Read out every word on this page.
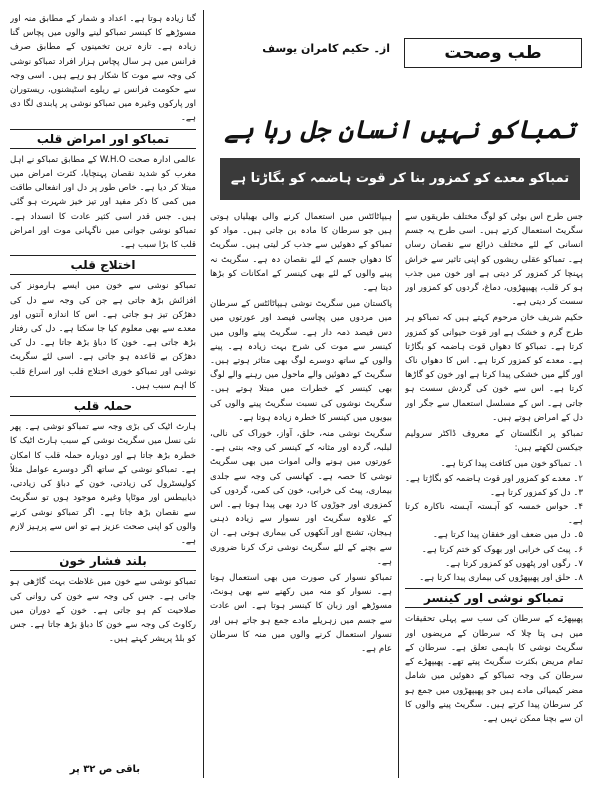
طب وصحت
از۔ حکیم کامران یوسف
تمباکو نہیں انسان جل رہا ہے
تمباکو معدے کو کمزور بنا کر قوت ہاضمہ کو بگاڑتا ہے

گنا زیادہ ہوتا ہے۔ اعداد و شمار کے مطابق منہ اور مسوڑھے کا کینسر تمباکو لینے والوں میں پچاس گنا زیادہ ہے۔ تازہ ترین تخمینوں کے مطابق صرف فرانس میں ہر سال پچاس ہزار افراد تمباکو نوشی کی وجہ سے موت کا شکار ہو رہے ہیں۔ اسی وجہ سے حکومت فرانس نے ریلوے اسٹیشنوں، ریستوران اور پارکوں وغیرہ میں تمباکو نوشی پر پابندی لگا دی ہے۔

تمباکو اور امراض قلب

عالمی ادارہ صحت W.H.O کے مطابق تمباکو نے اہل مغرب کو شدید نقصان پہنچایا، کثرت امراض میں مبتلا کر دیا ہے۔ خاص طور پر دل اور انفعالی طاقت میں کمی کا ذکر مفید اور تیز خیز شہرت ہو گئی ہیں۔ جس قدر اسی کثیر عادت کا انسداد ہے۔ تمباکو نوشی جوانی میں ناگہانی موت اور امراض قلب کا بڑا سبب ہے۔

اختلاج قلب

تمباکو نوشی سے خون میں ایسے ہارمونز کی افزائش بڑھ جاتی ہے جن کی وجہ سے دل کی دھڑکن تیز ہو جاتی ہے۔ اس کا اندازہ آنتوں اور معدے سے بھی معلوم کیا جا سکتا ہے۔ دل کی رفتار بڑھ جاتی ہے۔ خون کا دباؤ بڑھ جاتا ہے۔ دل کی دھڑکن بے قاعدہ ہو جاتی ہے۔ اسی لئے سگریٹ نوشی اور تمباکو خوری اختلاج قلب اور اسراع قلب کا اہم سبب ہیں۔

حملہ قلب

ہارٹ اٹیک کی بڑی وجہ سے تمباکو نوشی ہے۔ پھر نئی نسل میں سگریٹ نوشی کے سبب ہارٹ اٹیک کا خطرہ بڑھ جاتا ہے اور دوبارہ حملہ قلب کا امکان ہے۔ تمباکو نوشی کے ساتھ اگر دوسرے عوامل مثلاً کولیسٹرول کی زیادتی، خون کے دباؤ کی زیادتی، ذیابیطس اور موٹاپا وغیرہ موجود ہوں تو سگریٹ سے نقصان بڑھ جاتا ہے۔ اگر تمباکو نوشی کرنے والوں کو اپنی صحت عزیز ہے تو اس سے پرہیز لازم ہے۔

بلند فشار خون

تمباکو نوشی سے خون میں غلاظت بہت گاڑھی ہو جاتی ہے۔ جس کی وجہ سے خون کی روانی کی صلاحیت کم ہو جاتی ہے۔ خون کے دوران میں رکاوٹ کی وجہ سے خون کا دباؤ بڑھ جاتا ہے۔ جس کو بلڈ پریشر کہتے ہیں۔

باقی ص ۳۲ پر

ہیپاٹائٹس میں استعمال کرنے والی بھیلیاں ہوتی ہیں جو سرطان کا مادہ بن جاتی ہیں۔ مواد کو تمباکو کے دھوئیں سے جذب کر لیتی ہیں۔ سگریٹ کا دھواں جسم کے لئے نقصان دہ ہے۔ سگریٹ نہ پینے والوں کے لئے بھی کینسر کے امکانات کو بڑھا دیتا ہے۔

پاکستان میں سگریٹ نوشی ہیپاٹائٹس کے سرطان میں مردوں میں پچاسی فیصد اور عورتوں میں دس فیصد ذمہ دار ہے۔ سگریٹ پینے والوں میں کینسر سے موت کی شرح بہت زیادہ ہے۔ پینے والوں کے ساتھ دوسرے لوگ بھی متاثر ہوتے ہیں۔ سگریٹ کے دھوئیں والے ماحول میں رہنے والے لوگ بھی کینسر کے خطرات میں مبتلا ہوتے ہیں۔ سگریٹ نوشوں کی نسبت سگریٹ پینے والوں کی بیویوں میں کینسر کا خطرہ زیادہ ہوتا ہے۔

سگریٹ نوشی منہ، حلق، آواز، خوراک کی نالی، لبلبہ، گردہ اور مثانہ کے کینسر کی وجہ بنتی ہے۔ عورتوں میں ہونے والی اموات میں بھی سگریٹ نوشی کا حصہ ہے۔ کھانسی کی وجہ سے جلدی بیماری، پیٹ کی خرابی، خون کی کمی، گردوں کی کمزوری اور جوڑوں کا درد بھی پیدا ہوتا ہے۔ اس کے علاوہ سگریٹ اور نسوار سے زیادہ ذہنی ہیجان، تشنج اور آنکھوں کی بیماری ہوتی ہے۔ ان سے بچنے کے لئے سگریٹ نوشی ترک کرنا ضروری ہے۔

تمباکو نسوار کی صورت میں بھی استعمال ہوتا ہے۔ نسوار کو منہ میں رکھنے سے بھی ہونٹ، مسوڑھے اور زبان کا کینسر ہوتا ہے۔ اس عادت سے جسم میں زہریلے مادے جمع ہو جاتے ہیں اور نسوار استعمال کرنے والوں میں منہ کا سرطان عام ہے۔

جس طرح اس بوٹی کو لوگ مختلف طریقوں سے سگریٹ استعمال کرتے ہیں۔ اسی طرح یہ جسم انسانی کے لئے مختلف ذرائع سے نقصان رساں ہے۔ تمباکو عقلی ریشوں کو اپنی تاثیر سے خراش پہنچا کر کمزور کر دیتی ہے اور خون میں جذب ہو کر قلب، پھیپھڑوں، دماغ، گردوں کو کمزور اور سست کر دیتی ہے۔

حکیم شریف خان مرحوم کہتے ہیں کہ تمباکو ہر طرح گرم و خشک ہے اور قوت حیوانی کو کمزور کرتا ہے۔ تمباکو کا دھواں قوت ہاضمہ کو بگاڑتا ہے۔ معدے کو کمزور کرتا ہے۔ اس کا دھواں ناک اور گلے میں خشکی پیدا کرتا ہے اور خون کو گاڑھا کرتا ہے۔ اس سے خون کی گردش سست ہو جاتی ہے۔ اس کے مسلسل استعمال سے جگر اور دل کے امراض ہوتے ہیں۔

تمباکو پر انگلستان کے معروف ڈاکٹر سرولیم جیکسن لکھتے ہیں:

۱۔ تمباکو خون میں کثافت پیدا کرتا ہے۔
۲۔ معدے کو کمزور اور قوت ہاضمہ کو بگاڑتا ہے۔
۳۔ دل کو کمزور کرتا ہے۔
۴۔ حواس خمسہ کو آہستہ آہستہ ناکارہ کرتا ہے۔
۵۔ دل میں ضعف اور خفقان پیدا کرتا ہے۔
۶۔ پیٹ کی خرابی اور بھوک کو ختم کرتا ہے۔
۷۔ رگوں اور پٹھوں کو کمزور کرتا ہے۔
۸۔ حلق اور پھیپھڑوں کی بیماری پیدا کرتا ہے۔
تمباکو نوشی اور کینسر

پھیپھڑے کے سرطان کی سب سے پہلی تحقیقات میں ہی پتا چلا کہ سرطان کے مریضوں اور سگریٹ نوشی کا باہمی تعلق ہے۔ سرطان کے تمام مریض بکثرت سگریٹ پیتے تھے۔ پھیپھڑے کے سرطان کی وجہ تمباکو کے دھوئیں میں شامل مضر کیمیائی مادے ہیں جو پھیپھڑوں میں جمع ہو کر سرطان پیدا کرتے ہیں۔ سگریٹ پینے والوں کا ان سے بچنا ممکن نہیں ہے۔
